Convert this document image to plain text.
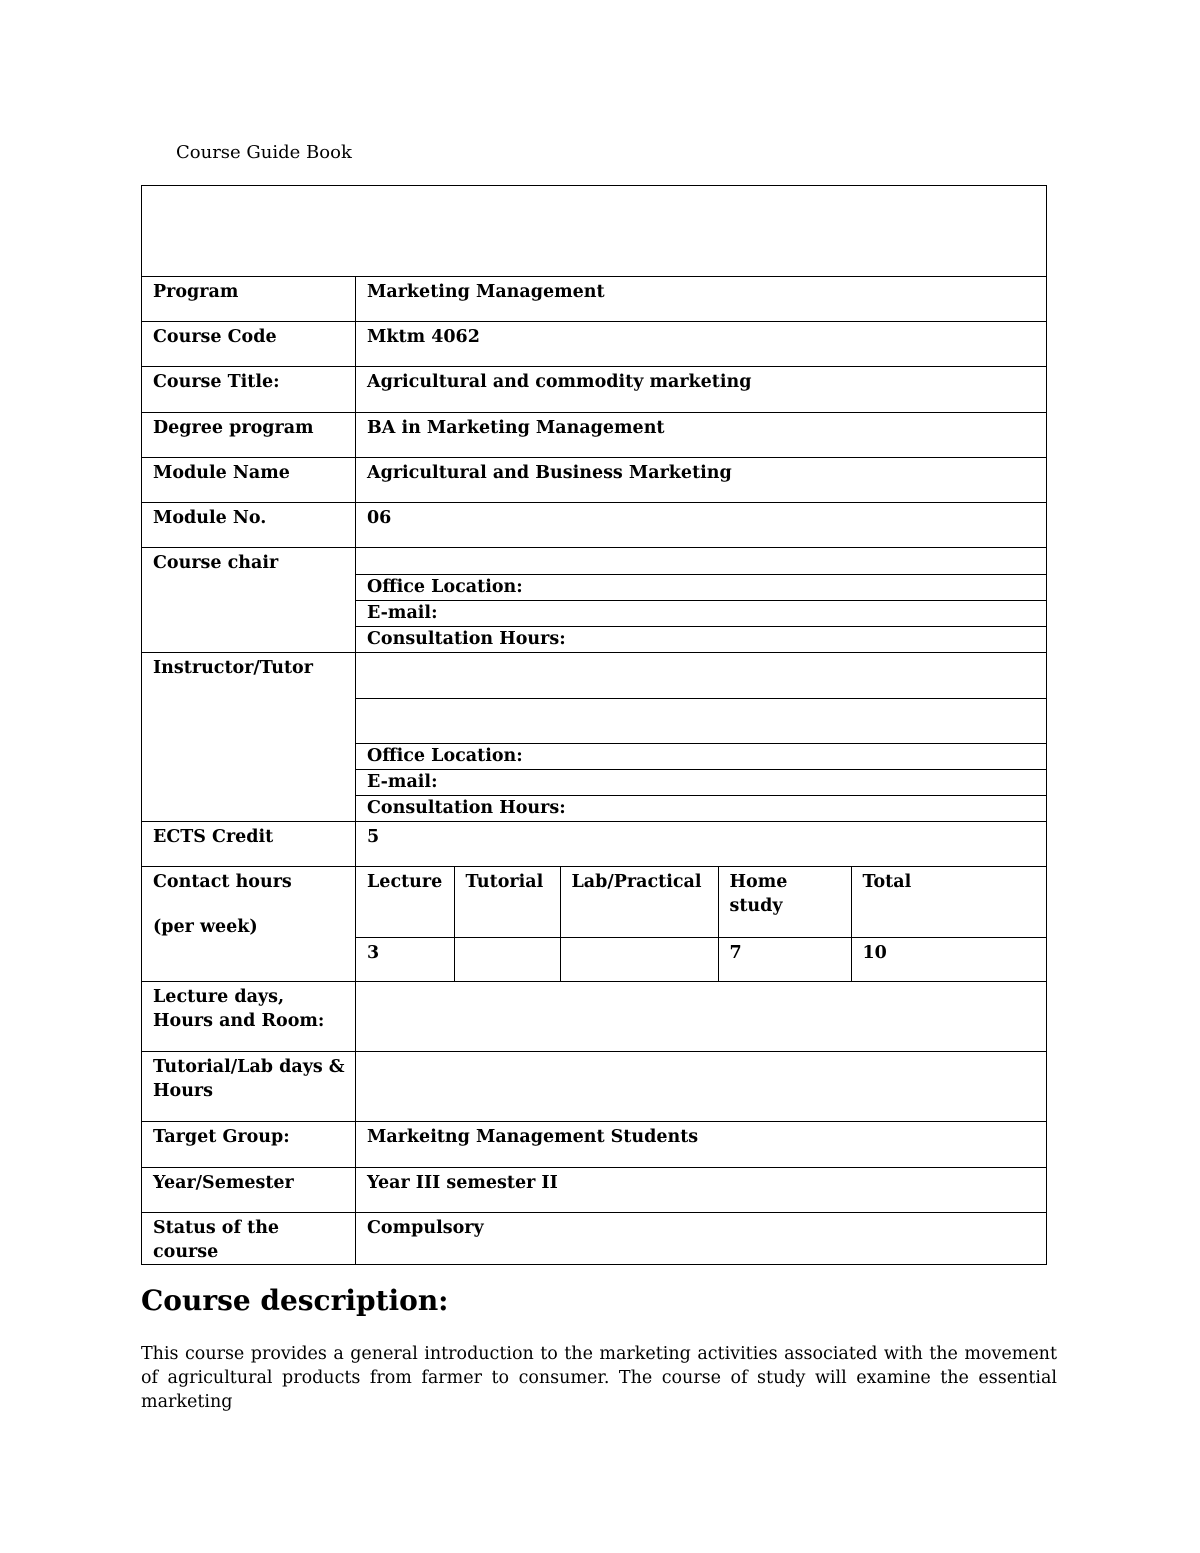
Course Guide Book

Program	Marketing Management
Course Code	Mktm 4062
Course Title:	Agricultural and commodity marketing
Degree program	BA in Marketing Management
Module Name	Agricultural and Business Marketing
Module No.	06
Course chair	

Office Location:
E-mail:
Consultation Hours:

Instructor/Tutor	

Office Location:
E-mail:
Consultation Hours:

ECTS Credit	5

Contact hours
(per week)

Lecture	Tutorial	Lab/Practical	Home study	Total
3			7	10

Lecture days, Hours and Room:	
Tutorial/Lab days & Hours	
Target Group:	Markeitng Management Students
Year/Semester	Year III semester II
Status of the course	Compulsory
Course description:

This course provides a general introduction to the marketing activities associated with the movement of agricultural products from farmer to consumer. The course of study will examine the essential marketing
